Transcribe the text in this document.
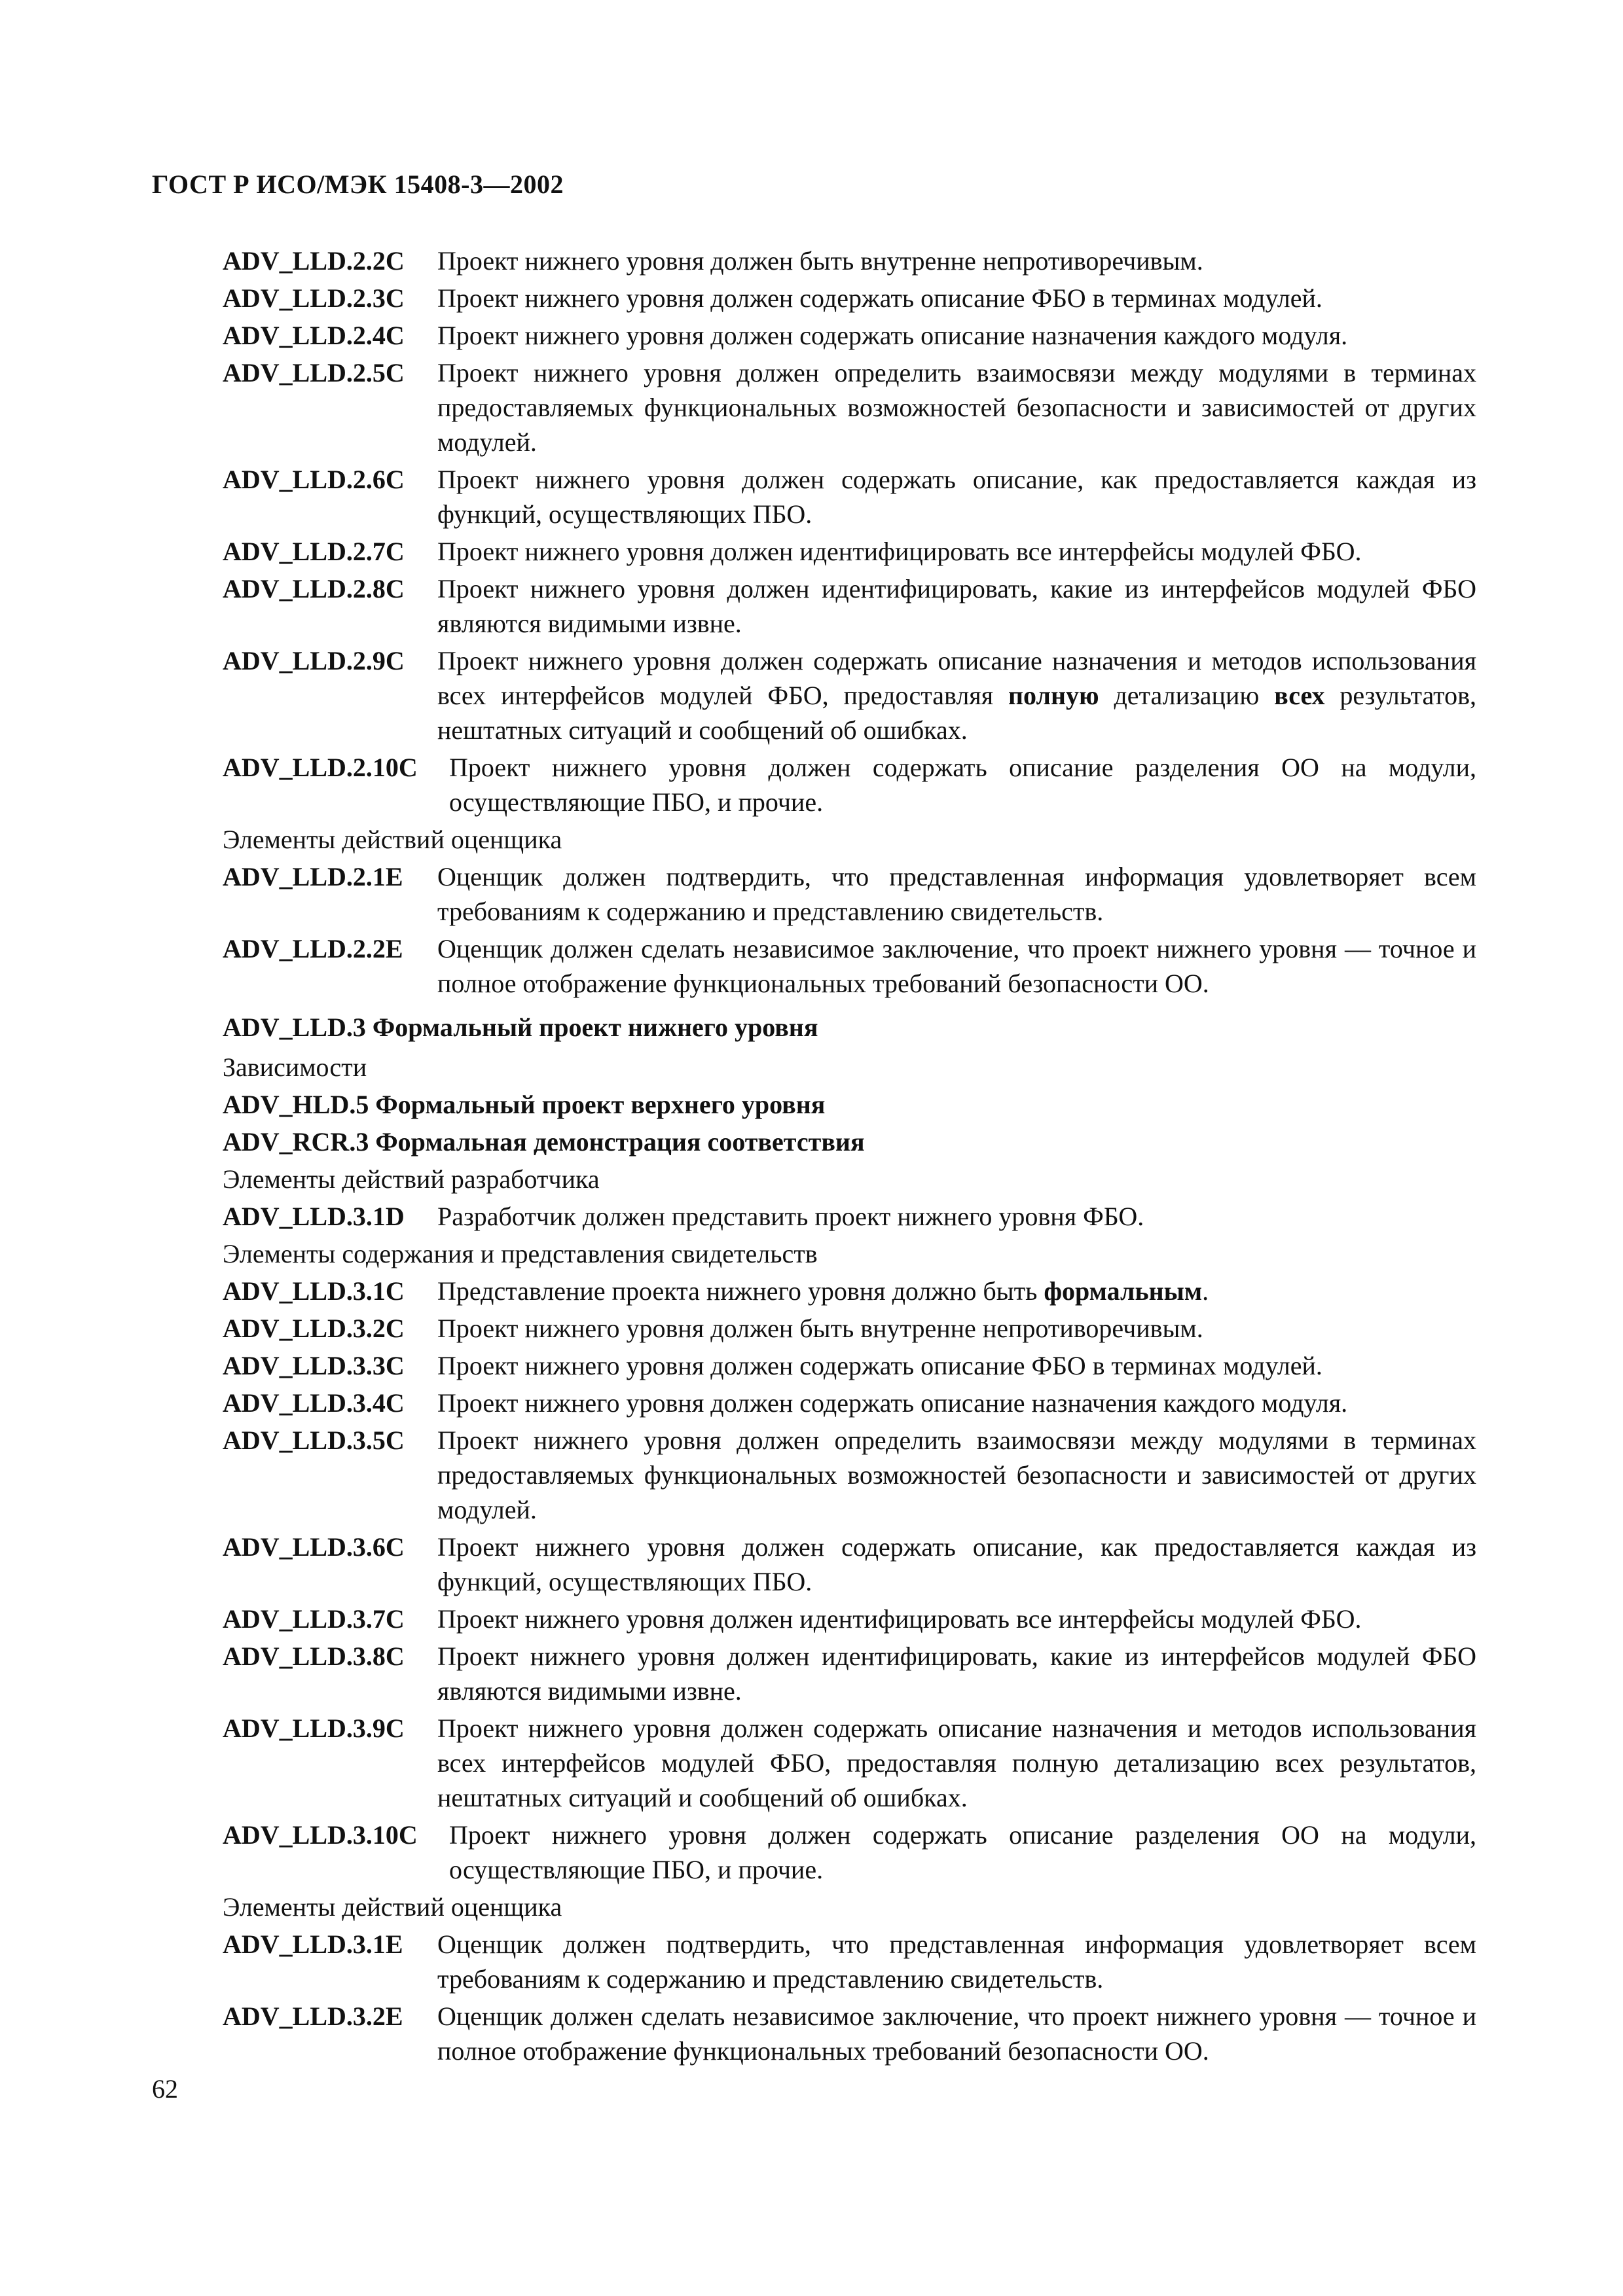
ГОСТ Р ИСО/МЭК 15408-3—2002
ADV_LLD.2.2C	Проект нижнего уровня должен быть внутренне непротиворечивым.
ADV_LLD.2.3C	Проект нижнего уровня должен содержать описание ФБО в терминах модулей.
ADV_LLD.2.4C	Проект нижнего уровня должен содержать описание назначения каждого модуля.
ADV_LLD.2.5C	Проект нижнего уровня должен определить взаимосвязи между модулями в терминах предоставляемых функциональных возможностей безопасности и зависимостей от других модулей.
ADV_LLD.2.6C	Проект нижнего уровня должен содержать описание, как предоставляется каждая из функций, осуществляющих ПБО.
ADV_LLD.2.7C	Проект нижнего уровня должен идентифицировать все интерфейсы модулей ФБО.
ADV_LLD.2.8C	Проект нижнего уровня должен идентифицировать, какие из интерфейсов модулей ФБО являются видимыми извне.
ADV_LLD.2.9C	Проект нижнего уровня должен содержать описание назначения и методов использования всех интерфейсов модулей ФБО, предоставляя полную детализацию всех результатов, нештатных ситуаций и сообщений об ошибках.
ADV_LLD.2.10C	Проект нижнего уровня должен содержать описание разделения ОО на модули, осуществляющие ПБО, и прочие.
Элементы действий оценщика
ADV_LLD.2.1E	Оценщик должен подтвердить, что представленная информация удовлетворяет всем требованиям к содержанию и представлению свидетельств.
ADV_LLD.2.2E	Оценщик должен сделать независимое заключение, что проект нижнего уровня — точное и полное отображение функциональных требований безопасности ОО.
ADV_LLD.3 Формальный проект нижнего уровня
Зависимости
ADV_HLD.5 Формальный проект верхнего уровня
ADV_RCR.3 Формальная демонстрация соответствия
Элементы действий разработчика
ADV_LLD.3.1D	Разработчик должен представить проект нижнего уровня ФБО.
Элементы содержания и представления свидетельств
ADV_LLD.3.1C	Представление проекта нижнего уровня должно быть формальным.
ADV_LLD.3.2C	Проект нижнего уровня должен быть внутренне непротиворечивым.
ADV_LLD.3.3C	Проект нижнего уровня должен содержать описание ФБО в терминах модулей.
ADV_LLD.3.4C	Проект нижнего уровня должен содержать описание назначения каждого модуля.
ADV_LLD.3.5C	Проект нижнего уровня должен определить взаимосвязи между модулями в терминах предоставляемых функциональных возможностей безопасности и зависимостей от других модулей.
ADV_LLD.3.6C	Проект нижнего уровня должен содержать описание, как предоставляется каждая из функций, осуществляющих ПБО.
ADV_LLD.3.7C	Проект нижнего уровня должен идентифицировать все интерфейсы модулей ФБО.
ADV_LLD.3.8C	Проект нижнего уровня должен идентифицировать, какие из интерфейсов модулей ФБО являются видимыми извне.
ADV_LLD.3.9C	Проект нижнего уровня должен содержать описание назначения и методов использования всех интерфейсов модулей ФБО, предоставляя полную детализацию всех результатов, нештатных ситуаций и сообщений об ошибках.
ADV_LLD.3.10C	Проект нижнего уровня должен содержать описание разделения ОО на модули, осуществляющие ПБО, и прочие.
Элементы действий оценщика
ADV_LLD.3.1E	Оценщик должен подтвердить, что представленная информация удовлетворяет всем требованиям к содержанию и представлению свидетельств.
ADV_LLD.3.2E	Оценщик должен сделать независимое заключение, что проект нижнего уровня — точное и полное отображение функциональных требований безопасности ОО.
62
